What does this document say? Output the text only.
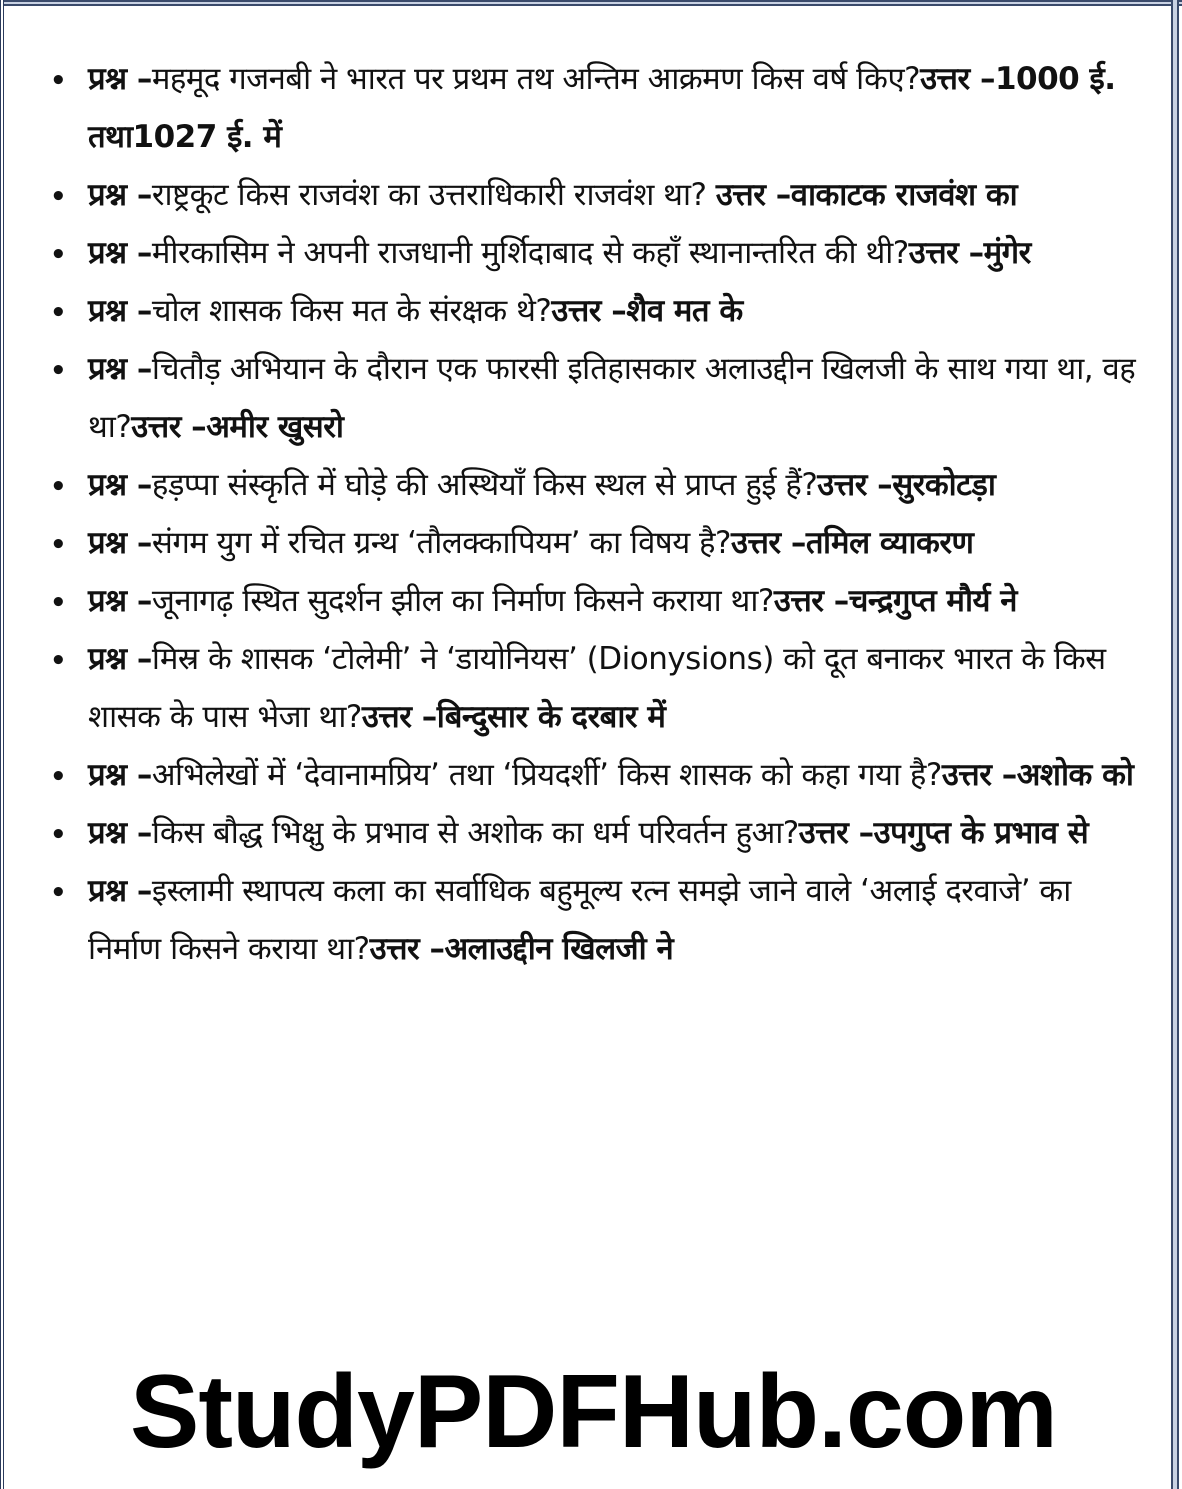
• प्रश्न –महमूद गजनबी ने भारत पर प्रथम तथ अन्तिम आक्रमण किस वर्ष किए?उत्तर –1000 ई. तथा1027 ई. में
• प्रश्न –राष्ट्रकूट किस राजवंश का उत्तराधिकारी राजवंश था? उत्तर –वाकाटक राजवंश का
• प्रश्न –मीरकासिम ने अपनी राजधानी मुर्शिदाबाद से कहाँ स्थानान्तरित की थी?उत्तर –मुंगेर
• प्रश्न –चोल शासक किस मत के संरक्षक थे?उत्तर –शैव मत के
• प्रश्न –चितौड़ अभियान के दौरान एक फारसी इतिहासकार अलाउद्दीन खिलजी के साथ गया था, वह था?उत्तर –अमीर खुसरो
• प्रश्न –हड़प्पा संस्कृति में घोड़े की अस्थियाँ किस स्थल से प्राप्त हुई हैं?उत्तर –सुरकोटड़ा
• प्रश्न –संगम युग में रचित ग्रन्थ ‘तौलक्कापियम’ का विषय है?उत्तर –तमिल व्याकरण
• प्रश्न –जूनागढ़ स्थित सुदर्शन झील का निर्माण किसने कराया था?उत्तर –चन्द्रगुप्त मौर्य ने
• प्रश्न –मिस्र के शासक ‘टोलेमी’ ने ‘डायोनियस’ (Dionysions) को दूत बनाकर भारत के किस शासक के पास भेजा था?उत्तर –बिन्दुसार के दरबार में
• प्रश्न –अभिलेखों में ‘देवानामप्रिय’ तथा ‘प्रियदर्शी’ किस शासक को कहा गया है?उत्तर –अशोक को
• प्रश्न –किस बौद्ध भिक्षु के प्रभाव से अशोक का धर्म परिवर्तन हुआ?उत्तर –उपगुप्त के प्रभाव से
• प्रश्न –इस्लामी स्थापत्य कला का सर्वाधिक बहुमूल्य रत्न समझे जाने वाले ‘अलाई दरवाजे’ का निर्माण किसने कराया था?उत्तर –अलाउद्दीन खिलजी ने
StudyPDFHub.com
